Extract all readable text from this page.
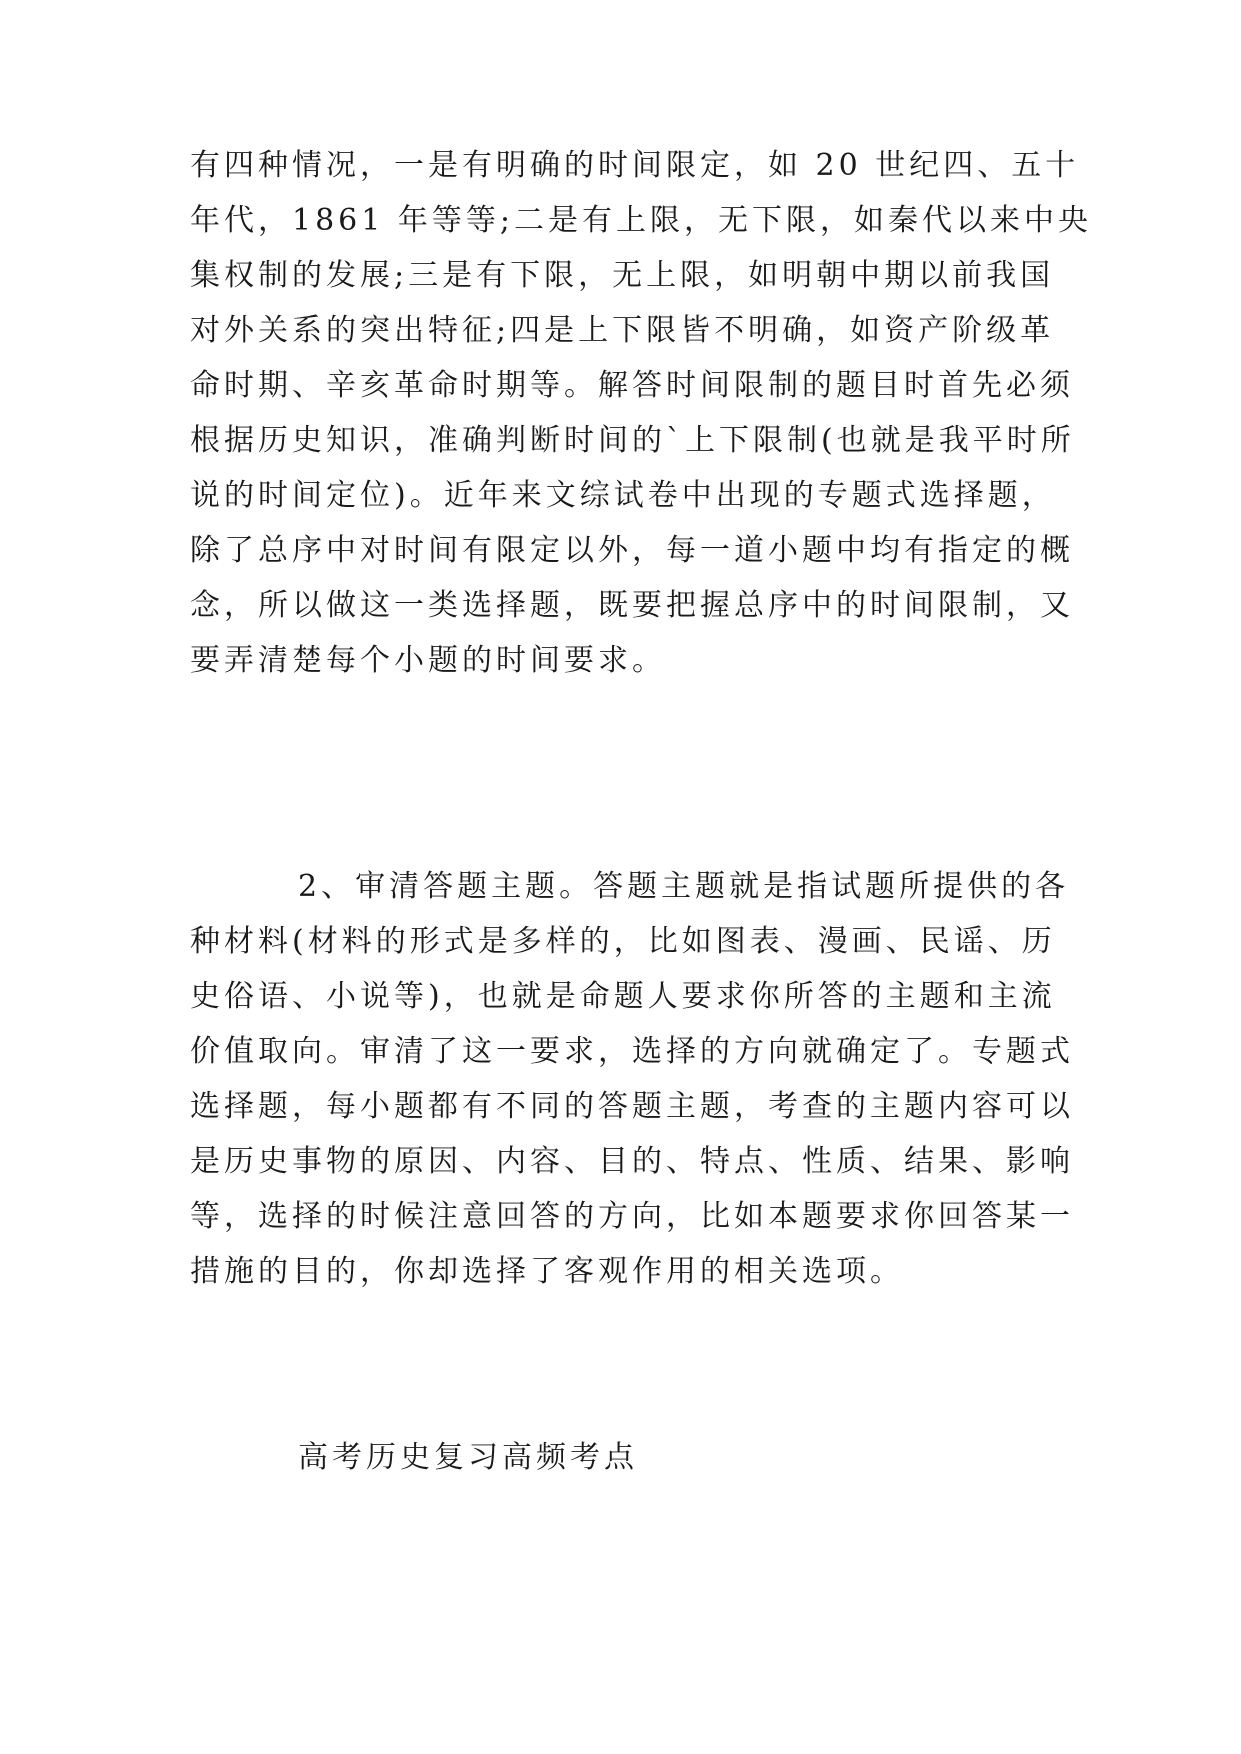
有四种情况，一是有明确的时间限定，如 20 世纪四、五十
年代，1861 年等等;二是有上限，无下限，如秦代以来中央
集权制的发展;三是有下限，无上限，如明朝中期以前我国
对外关系的突出特征;四是上下限皆不明确，如资产阶级革
命时期、辛亥革命时期等。解答时间限制的题目时首先必须
根据历史知识，准确判断时间的`上下限制(也就是我平时所
说的时间定位)。近年来文综试卷中出现的专题式选择题，
除了总序中对时间有限定以外，每一道小题中均有指定的概
念，所以做这一类选择题，既要把握总序中的时间限制，又
要弄清楚每个小题的时间要求。
2、审清答题主题。答题主题就是指试题所提供的各
种材料(材料的形式是多样的，比如图表、漫画、民谣、历
史俗语、小说等)，也就是命题人要求你所答的主题和主流
价值取向。审清了这一要求，选择的方向就确定了。专题式
选择题，每小题都有不同的答题主题，考查的主题内容可以
是历史事物的原因、内容、目的、特点、性质、结果、影响
等，选择的时候注意回答的方向，比如本题要求你回答某一
措施的目的，你却选择了客观作用的相关选项。
高考历史复习高频考点
